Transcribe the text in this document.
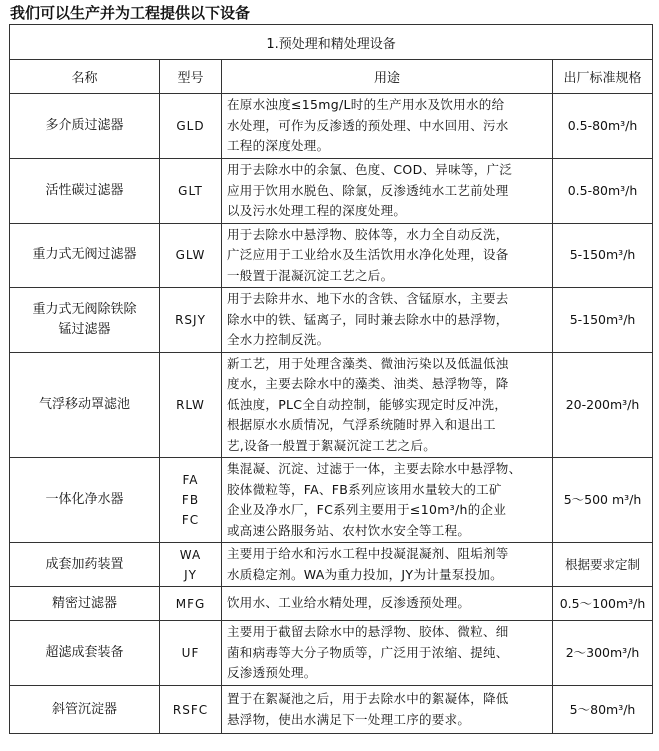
我们可以生产并为工程提供以下设备
1.预处理和精处理设备			
名称	型号	用途	出厂标准规格

多介质过滤器	GLD	在原水浊度≤15mg/L时的生产用水及饮用水的给
水处理，可作为反渗透的预处理、中水回用、污水
工程的深度处理。	0.5-80m³/h

活性碳过滤器	GLT	用于去除水中的余氯、色度、COD、异味等，广泛
应用于饮用水脱色、除氯，反渗透纯水工艺前处理
以及污水处理工程的深度处理。	0.5-80m³/h

重力式无阀过滤器	GLW	用于去除水中悬浮物、胶体等，水力全自动反洗，
广泛应用于工业给水及生活饮用水净化处理，设备
一般置于混凝沉淀工艺之后。	5-150m³/h

重力式无阀除铁除
锰过滤器	RSJY	用于去除井水、地下水的含铁、含锰原水，主要去
除水中的铁、锰离子，同时兼去除水中的悬浮物，
全水力控制反洗。	5-150m³/h

气浮移动罩滤池	RLW	新工艺，用于处理含藻类、微油污染以及低温低浊
度水，主要去除水中的藻类、油类、悬浮物等，降
低浊度，PLC全自动控制，能够实现定时反冲洗，
根据原水水质情况，气浮系统随时界入和退出工
艺,设备一般置于絮凝沉淀工艺之后。	20-200m³/h

一体化净水器	FA
FB
FC	集混凝、沉淀、过滤于一体，主要去除水中悬浮物、
胶体微粒等，FA、FB系列应该用水量较大的工矿
企业及净水厂，FC系列主要用于≤10m³/h的企业
或高速公路服务站、农村饮水安全等工程。	5～500 m³/h

成套加药装置	WA
JY	主要用于给水和污水工程中投凝混凝剂、阻垢剂等
水质稳定剂。WA为重力投加，JY为计量泵投加。	根据要求定制

精密过滤器	MFG	饮用水、工业给水精处理，反渗透预处理。	0.5～100m³/h

超滤成套装备	UF	主要用于截留去除水中的悬浮物、胶体、微粒、细
菌和病毒等大分子物质等，广泛用于浓缩、提纯、
反渗透预处理。	2～300m³/h

斜管沉淀器	RSFC	置于在絮凝池之后，用于去除水中的絮凝体，降低
悬浮物，使出水满足下一处理工序的要求。	5～80m³/h
